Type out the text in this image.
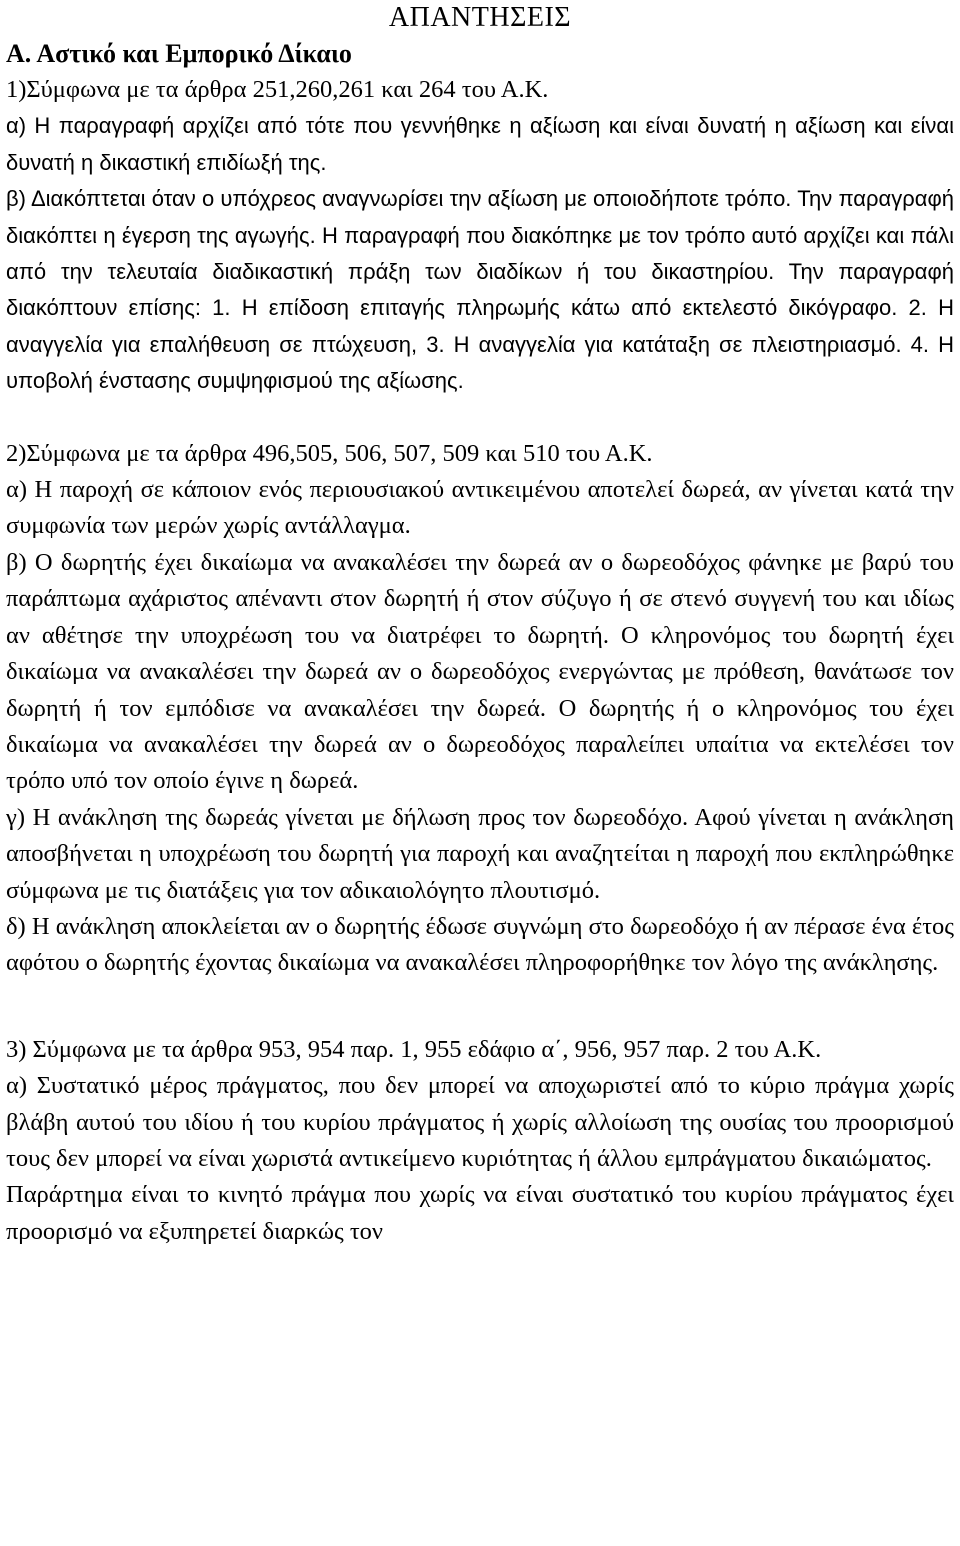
ΑΠΑΝΤΗΣΕΙΣ
Α. Αστικό και Εμπορικό Δίκαιο

1)Σύμφωνα με τα άρθρα 251,260,261 και 264 του Α.Κ.

α) Η παραγραφή αρχίζει από τότε που γεννήθηκε η αξίωση και είναι δυνατή η αξίωση και είναι δυνατή η δικαστική επιδίωξή της.

β) Διακόπτεται όταν ο υπόχρεος αναγνωρίσει την αξίωση με οποιοδήποτε τρόπο. Την παραγραφή διακόπτει η έγερση της αγωγής. Η παραγραφή που διακόπηκε με τον τρόπο αυτό αρχίζει και πάλι από την τελευταία διαδικαστική πράξη των διαδίκων ή του δικαστηρίου. Την παραγραφή διακόπτουν επίσης: 1. Η επίδοση επιταγής πληρωμής κάτω από εκτελεστό δικόγραφο. 2. Η αναγγελία για επαλήθευση σε πτώχευση, 3. Η αναγγελία για κατάταξη σε πλειστηριασμό. 4. Η υποβολή ένστασης συμψηφισμού της αξίωσης.

2)Σύμφωνα με τα άρθρα 496,505, 506, 507, 509 και 510 του Α.Κ.

α) Η παροχή σε κάποιον ενός περιουσιακού αντικειμένου αποτελεί δωρεά, αν γίνεται κατά την συμφωνία των μερών χωρίς αντάλλαγμα.

β) Ο δωρητής έχει δικαίωμα να ανακαλέσει την δωρεά αν ο δωρεοδόχος φάνηκε με βαρύ του παράπτωμα αχάριστος απέναντι στον δωρητή ή στον σύζυγο ή σε στενό συγγενή του και ιδίως αν αθέτησε την υποχρέωση του να διατρέφει το δωρητή. Ο κληρονόμος του δωρητή έχει δικαίωμα να ανακαλέσει την δωρεά αν ο δωρεοδόχος ενεργώντας με πρόθεση, θανάτωσε τον δωρητή ή τον εμπόδισε να ανακαλέσει την δωρεά. Ο δωρητής ή ο κληρονόμος του έχει δικαίωμα να ανακαλέσει την δωρεά αν ο δωρεοδόχος παραλείπει υπαίτια να εκτελέσει τον τρόπο υπό τον οποίο έγινε η δωρεά.

γ) Η ανάκληση της δωρεάς γίνεται με δήλωση προς τον δωρεοδόχο. Αφού γίνεται η ανάκληση αποσβήνεται η υποχρέωση του δωρητή για παροχή και αναζητείται η παροχή που εκπληρώθηκε σύμφωνα με τις διατάξεις για τον αδικαιολόγητο πλουτισμό.

δ) Η ανάκληση αποκλείεται αν ο δωρητής έδωσε συγνώμη στο δωρεοδόχο ή αν πέρασε ένα έτος αφότου ο δωρητής έχοντας δικαίωμα να ανακαλέσει πληροφορήθηκε τον λόγο της ανάκλησης.

3) Σύμφωνα με τα άρθρα 953, 954 παρ. 1, 955 εδάφιο α΄, 956, 957 παρ. 2 του Α.Κ.

α) Συστατικό μέρος πράγματος, που δεν μπορεί να αποχωριστεί από το κύριο πράγμα χωρίς βλάβη αυτού του ιδίου ή του κυρίου πράγματος ή χωρίς αλλοίωση της ουσίας του προορισμού τους δεν μπορεί να είναι χωριστά αντικείμενο κυριότητας ή άλλου εμπράγματου δικαιώματος.

Παράρτημα είναι το κινητό πράγμα που χωρίς να είναι συστατικό του κυρίου πράγματος έχει προορισμό να εξυπηρετεί διαρκώς τον
